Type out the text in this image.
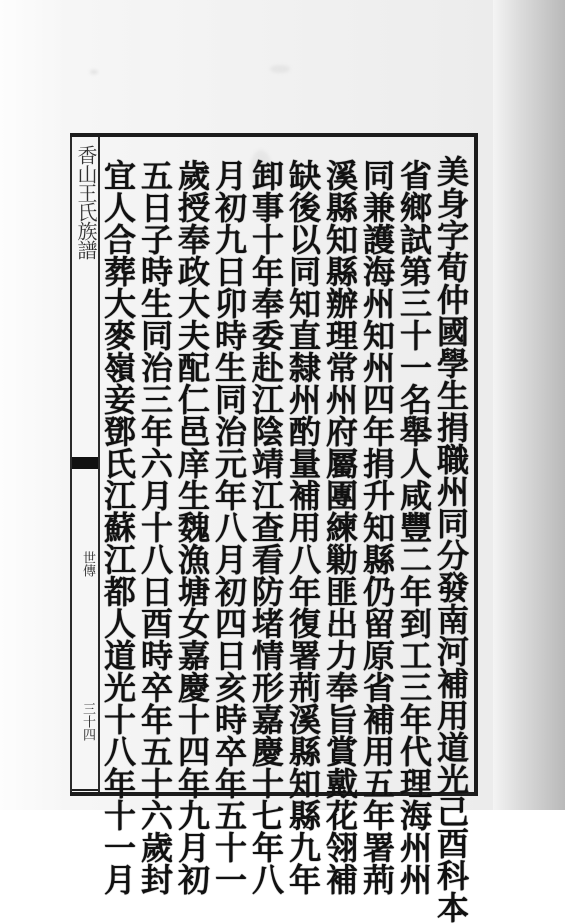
香山王氏族譜
世傳
三十四	美身字荀仲國學生捐職州同分發南河補用道光己酉科本
省鄉試第三十一名舉人咸豐二年到工三年代理海州州
同兼護海州知州四年捐升知縣仍留原省補用五年署荊
溪縣知縣辦理常州府屬團練勦匪出力奉旨賞戴花翎補
缺後以同知直隸州酌量補用八年復署荊溪縣知縣九年
卸事十年奉委赴江陰靖江查看防堵情形嘉慶十七年八
月初九日卯時生同治元年八月初四日亥時卒年五十一
歲授奉政大夫配仁邑庠生魏漁塘女嘉慶十四年九月初
五日子時生同治三年六月十八日酉時卒年五十六歲封
宜人合葬大麥嶺妾鄧氏江蘇江都人道光十八年十一月
